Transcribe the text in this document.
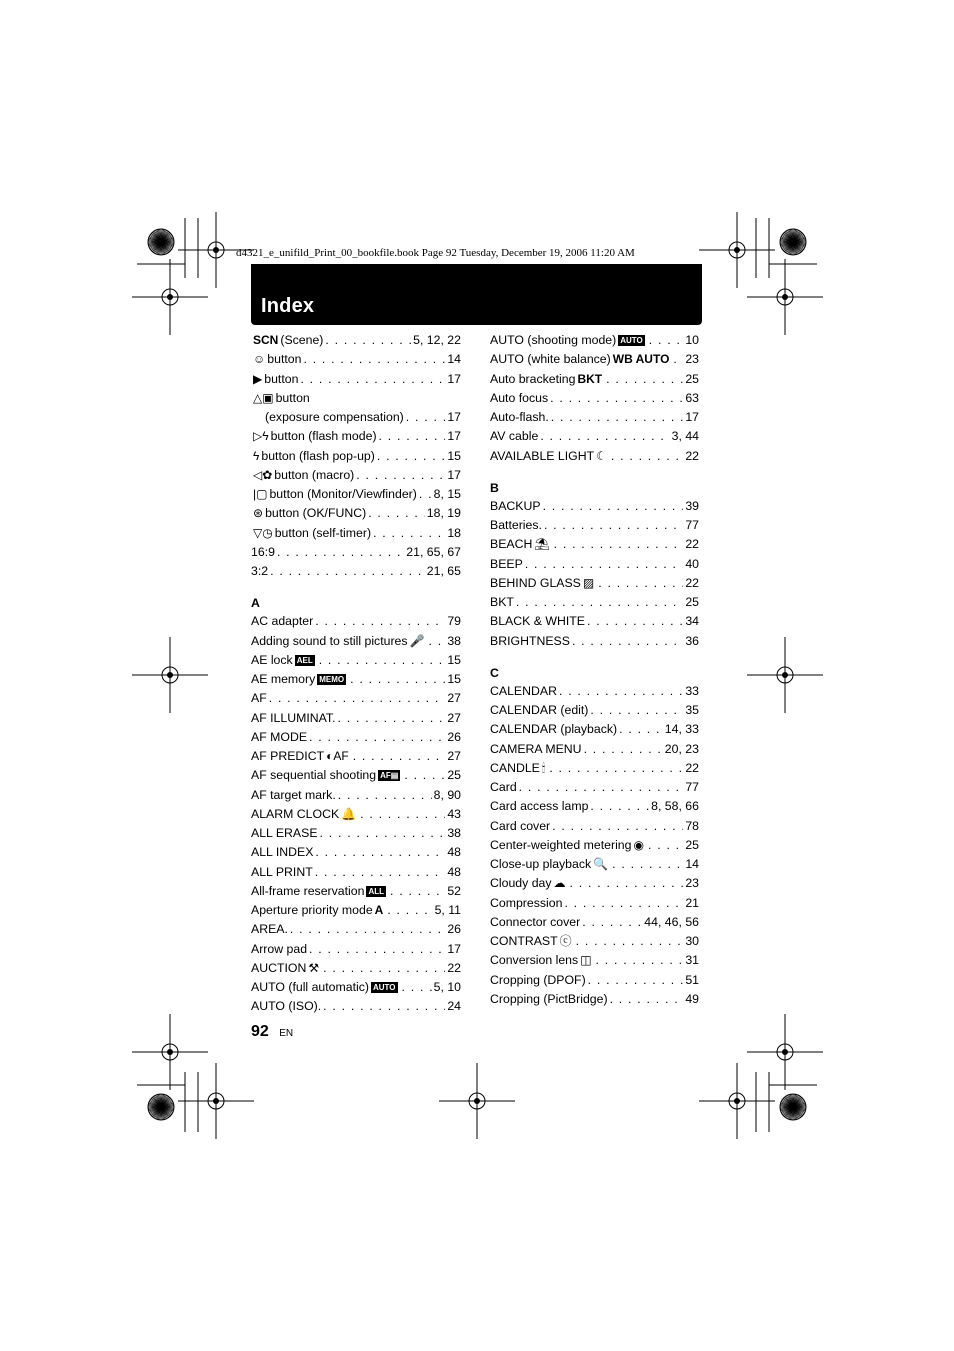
d4321_e_unifild_Print_00_bookfile.book Page 92 Tuesday, December 19, 2006 11:20 AM
Index
SCN (Scene) . . .	5, 12, 22
☺ button . . .	14
▶ button . . .	17
△▣ button
(exposure compensation) . . .	17
▷ϟ button (flash mode) . . .	17
ϟ button (flash pop-up) . . .	15
◁✿ button (macro) . . .	17
|▢ button (Monitor/Viewfinder) . . . 8, 15
⊛ button (OK/FUNC) . . .	18, 19
▽◷ button (self-timer) . . .	18
16:9 . . .	21, 65, 67
3:2 . . .	21, 65
A
AC adapter . . .	79
Adding sound to still pictures 🎤 . . . 38
AE lock AEL . . .	15
AE memory MEMO . . .	15
AF . . .	27
AF ILLUMINAT. . . .	27
AF MODE . . .	26
AF PREDICT ◐AF . . .	27
AF sequential shooting AF▤ . . .	25
AF target mark. . . .	8, 90
ALARM CLOCK 🔔 . . .	43
ALL ERASE . . .	38
ALL INDEX . . .	48
ALL PRINT . . .	48
All-frame reservation ALL . . .	52
Aperture priority mode A . . .	5, 11
AREA. . . .	26
Arrow pad . . .	17
AUCTION ⚒ . . .	22
AUTO (full automatic) AUTO . . .	5, 10
AUTO (ISO). . . .	24
AUTO (shooting mode) AUTO . . .	10
AUTO (white balance) WB AUTO . . . 23
Auto bracketing BKT . . .	25
Auto focus . . .	63
Auto-flash. . . .	17
AV cable . . .	3, 44
AVAILABLE LIGHT ☾ . . .	22
B
BACKUP . . .	39
Batteries. . . .	77
BEACH ⛱ . . .	22
BEEP . . .	40
BEHIND GLASS ▨ . . .	22
BKT . . .	25
BLACK & WHITE . . .	34
BRIGHTNESS . . .	36
C
CALENDAR . . .	33
CALENDAR (edit) . . .	35
CALENDAR (playback) . . .	14, 33
CAMERA MENU . . .	20, 23
CANDLE 🕯 . . .	22
Card . . .	77
Card access lamp . . .	8, 58, 66
Card cover . . .	78
Center-weighted metering ◉ . . .	25
Close-up playback 🔍 . . .	14
Cloudy day ☁ . . .	23
Compression . . .	21
Connector cover . . .	44, 46, 56
CONTRAST ⓒ . . .	30
Conversion lens ◫ . . .	31
Cropping (DPOF) . . .	51
Cropping (PictBridge) . . .	49
92 EN
